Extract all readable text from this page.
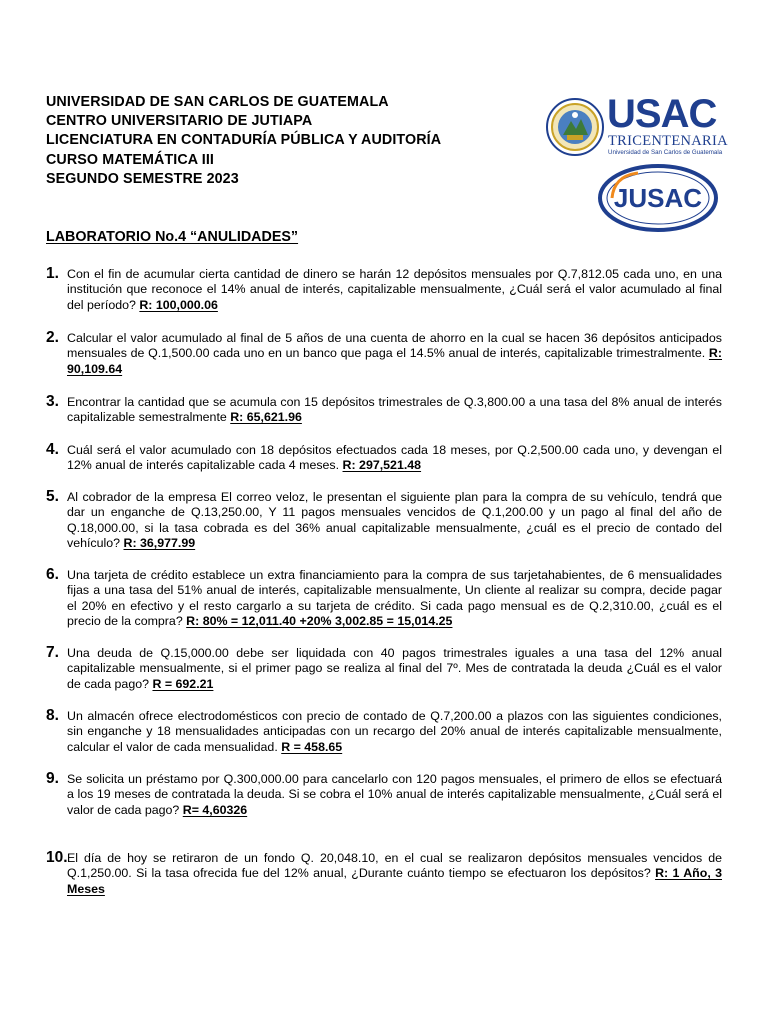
UNIVERSIDAD DE SAN CARLOS DE GUATEMALA
CENTRO UNIVERSITARIO DE JUTIAPA
LICENCIATURA EN CONTADURÍA PÚBLICA Y AUDITORÍA
CURSO MATEMÁTICA III
SEGUNDO SEMESTRE 2023
USAC
TRICENTENARIA
Universidad de San Carlos de Guatemala
JUSAC
LABORATORIO No.4 “ANULIDADES”
1. Con el fin de acumular cierta cantidad de dinero se harán 12 depósitos mensuales por Q.7,812.05 cada uno, en una institución que reconoce el 14% anual de interés, capitalizable mensualmente, ¿Cuál será el valor acumulado al final del período? R: 100,000.06
2. Calcular el valor acumulado al final de 5 años de una cuenta de ahorro en la cual se hacen 36 depósitos anticipados mensuales de Q.1,500.00 cada uno en un banco que paga el 14.5% anual de interés, capitalizable trimestralmente. R: 90,109.64
3. Encontrar la cantidad que se acumula con 15 depósitos trimestrales de Q.3,800.00 a una tasa del 8% anual de interés capitalizable semestralmente R: 65,621.96
4. Cuál será el valor acumulado con 18 depósitos efectuados cada 18 meses, por Q.2,500.00 cada uno, y devengan el 12% anual de interés capitalizable cada 4 meses. R: 297,521.48
5. Al cobrador de la empresa El correo veloz, le presentan el siguiente plan para la compra de su vehículo, tendrá que dar un enganche de Q.13,250.00, Y 11 pagos mensuales vencidos de Q.1,200.00 y un pago al final del año de Q.18,000.00, si la tasa cobrada es del 36% anual capitalizable mensualmente, ¿cuál es el precio de contado del vehículo? R: 36,977.99
6. Una tarjeta de crédito establece un extra financiamiento para la compra de sus tarjetahabientes, de 6 mensualidades fijas a una tasa del 51% anual de interés, capitalizable mensualmente, Un cliente al realizar su compra, decide pagar el 20% en efectivo y el resto cargarlo a su tarjeta de crédito. Si cada pago mensual es de Q.2,310.00, ¿cuál es el precio de la compra? R: 80% = 12,011.40 +20% 3,002.85 = 15,014.25
7. Una deuda de Q.15,000.00 debe ser liquidada con 40 pagos trimestrales iguales a una tasa del 12% anual capitalizable mensualmente, si el primer pago se realiza al final del 7º. Mes de contratada la deuda ¿Cuál es el valor de cada pago? R = 692.21
8. Un almacén ofrece electrodomésticos con precio de contado de Q.7,200.00 a plazos con las siguientes condiciones, sin enganche y 18 mensualidades anticipadas con un recargo del 20% anual de interés capitalizable mensualmente, calcular el valor de cada mensualidad. R = 458.65
9. Se solicita un préstamo por Q.300,000.00 para cancelarlo con 120 pagos mensuales, el primero de ellos se efectuará a los 19 meses de contratada la deuda. Si se cobra el 10% anual de interés capitalizable mensualmente, ¿Cuál será el valor de cada pago? R= 4,60326
10. El día de hoy se retiraron de un fondo Q. 20,048.10, en el cual se realizaron depósitos mensuales vencidos de Q.1,250.00. Si la tasa ofrecida fue del 12% anual, ¿Durante cuánto tiempo se efectuaron los depósitos? R: 1 Año, 3 Meses
